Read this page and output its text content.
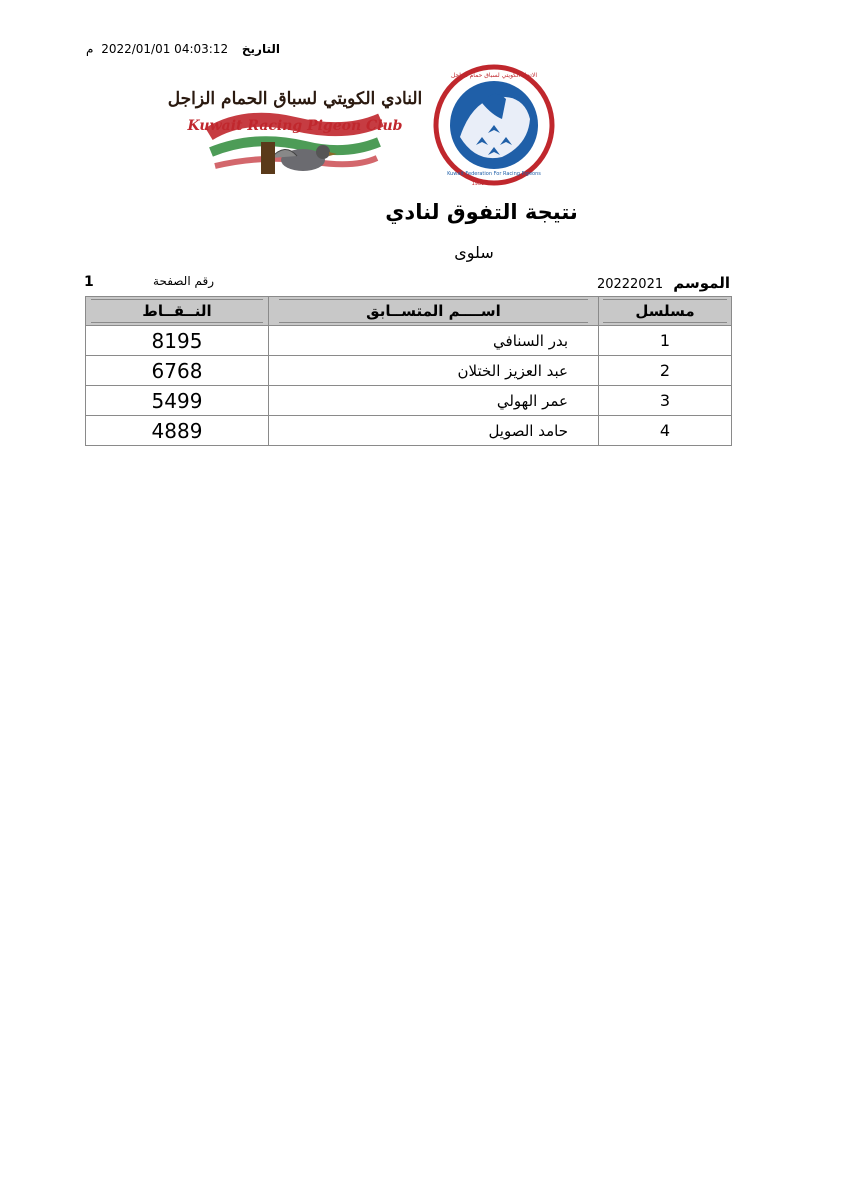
التاريخ 2022/01/01 04:03:12 م
النادي الكويتي لسباق الحمام الزاجل
Kuwait Racing Pigeon Club
Kuwait Federation For Racing Pigeons
الاتحاد الكويتي لسباق حمام الزاجل
1989
نتيجة التفوق لنادي
سلوى
الموسم 20222021
رقم الصفحة
1
مسلسل	اســــم المتســابق	النــقــاط
1	بدر السنافي	8195
2	عبد العزيز الختلان	6768
3	عمر الهولي	5499
4	حامد الصويل	4889
